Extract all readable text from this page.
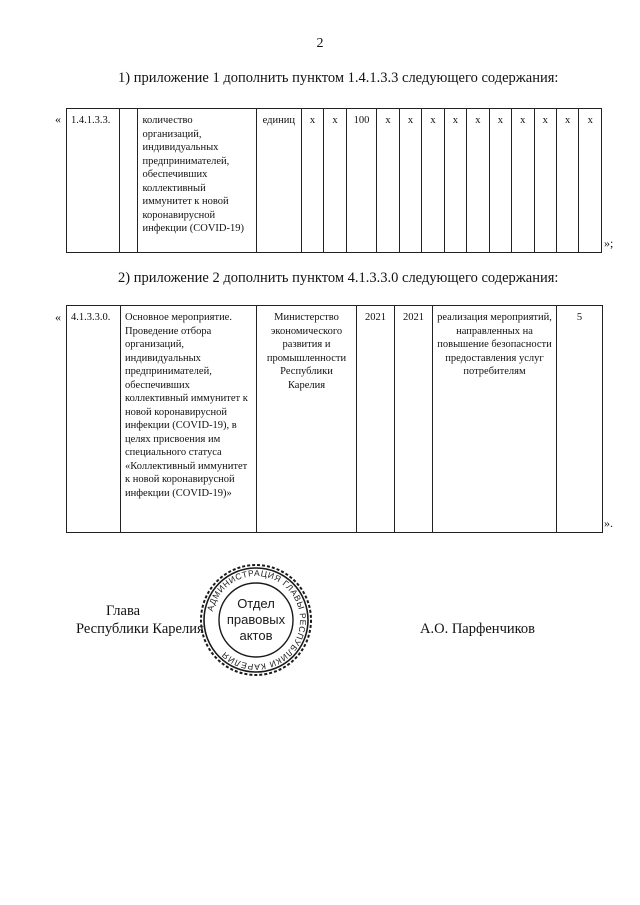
2
1) приложение 1 дополнить пунктом 1.4.1.3.3 следующего содержания:
« 1.4.1.3.3.		количество организаций, индивидуальных предпринимателей, обеспечивших коллективный иммунитет к новой коронавирусной инфекции (COVID-19)	единиц	х	х	100	х	х	х	х	х	х	х	х	х	х
»;
2) приложение 2 дополнить пунктом 4.1.3.3.0 следующего содержания:
« 4.1.3.3.0.	Основное мероприятие. Проведение отбора организаций, индивидуальных предпринимателей, обеспечивших коллективный иммунитет к новой коронавирусной инфекции (COVID-19), в целях присвоения им специального статуса «Коллективный иммунитет к новой коронавирусной инфекции (COVID-19)»	Министерство экономического развития и промышленности Республики Карелия	2021	2021	реализация мероприятий, направленных на повышение безопасности предоставления услуг потребителям	5
».
Глава
Республики Карелия	А.О. Парфенчиков
АДМИНИСТРАЦИЯ ГЛАВЫ РЕСПУБЛИКИ КАРЕЛИЯ
Отдел
правовых
актов
